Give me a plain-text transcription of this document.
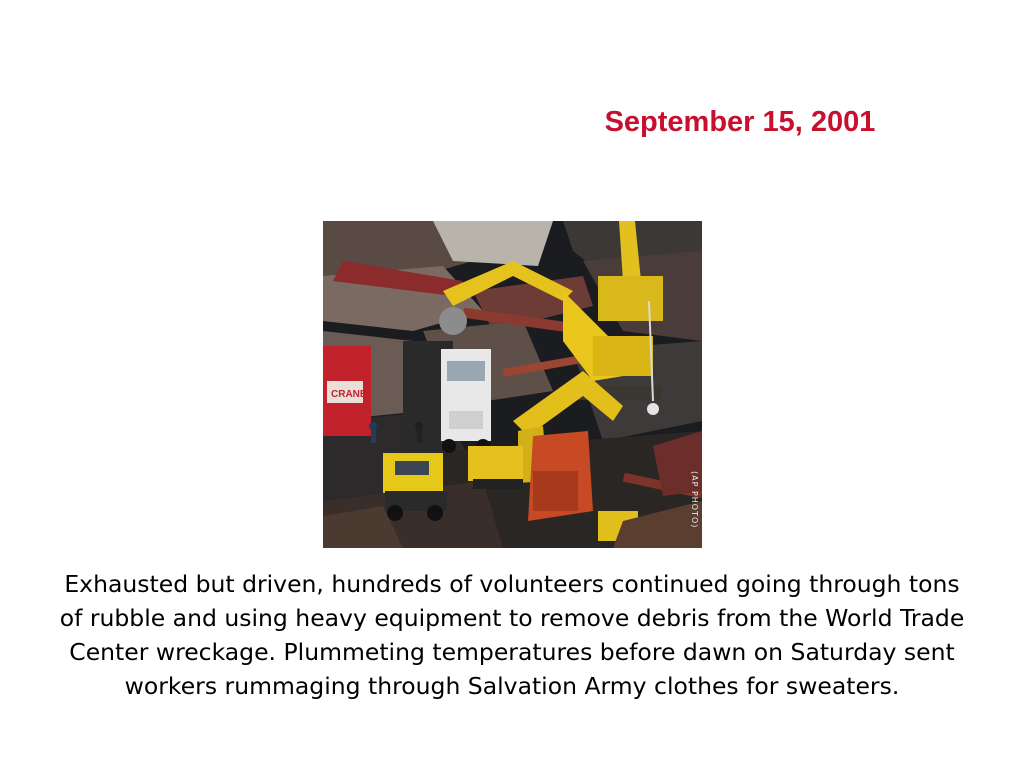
September 15, 2001
CRANE
(AP PHOTO)
Exhausted but driven, hundreds of volunteers continued going through tons of rubble and using heavy equipment to remove debris from the World Trade Center wreckage. Plummeting temperatures before dawn on Saturday sent workers rummaging through Salvation Army clothes for sweaters.
